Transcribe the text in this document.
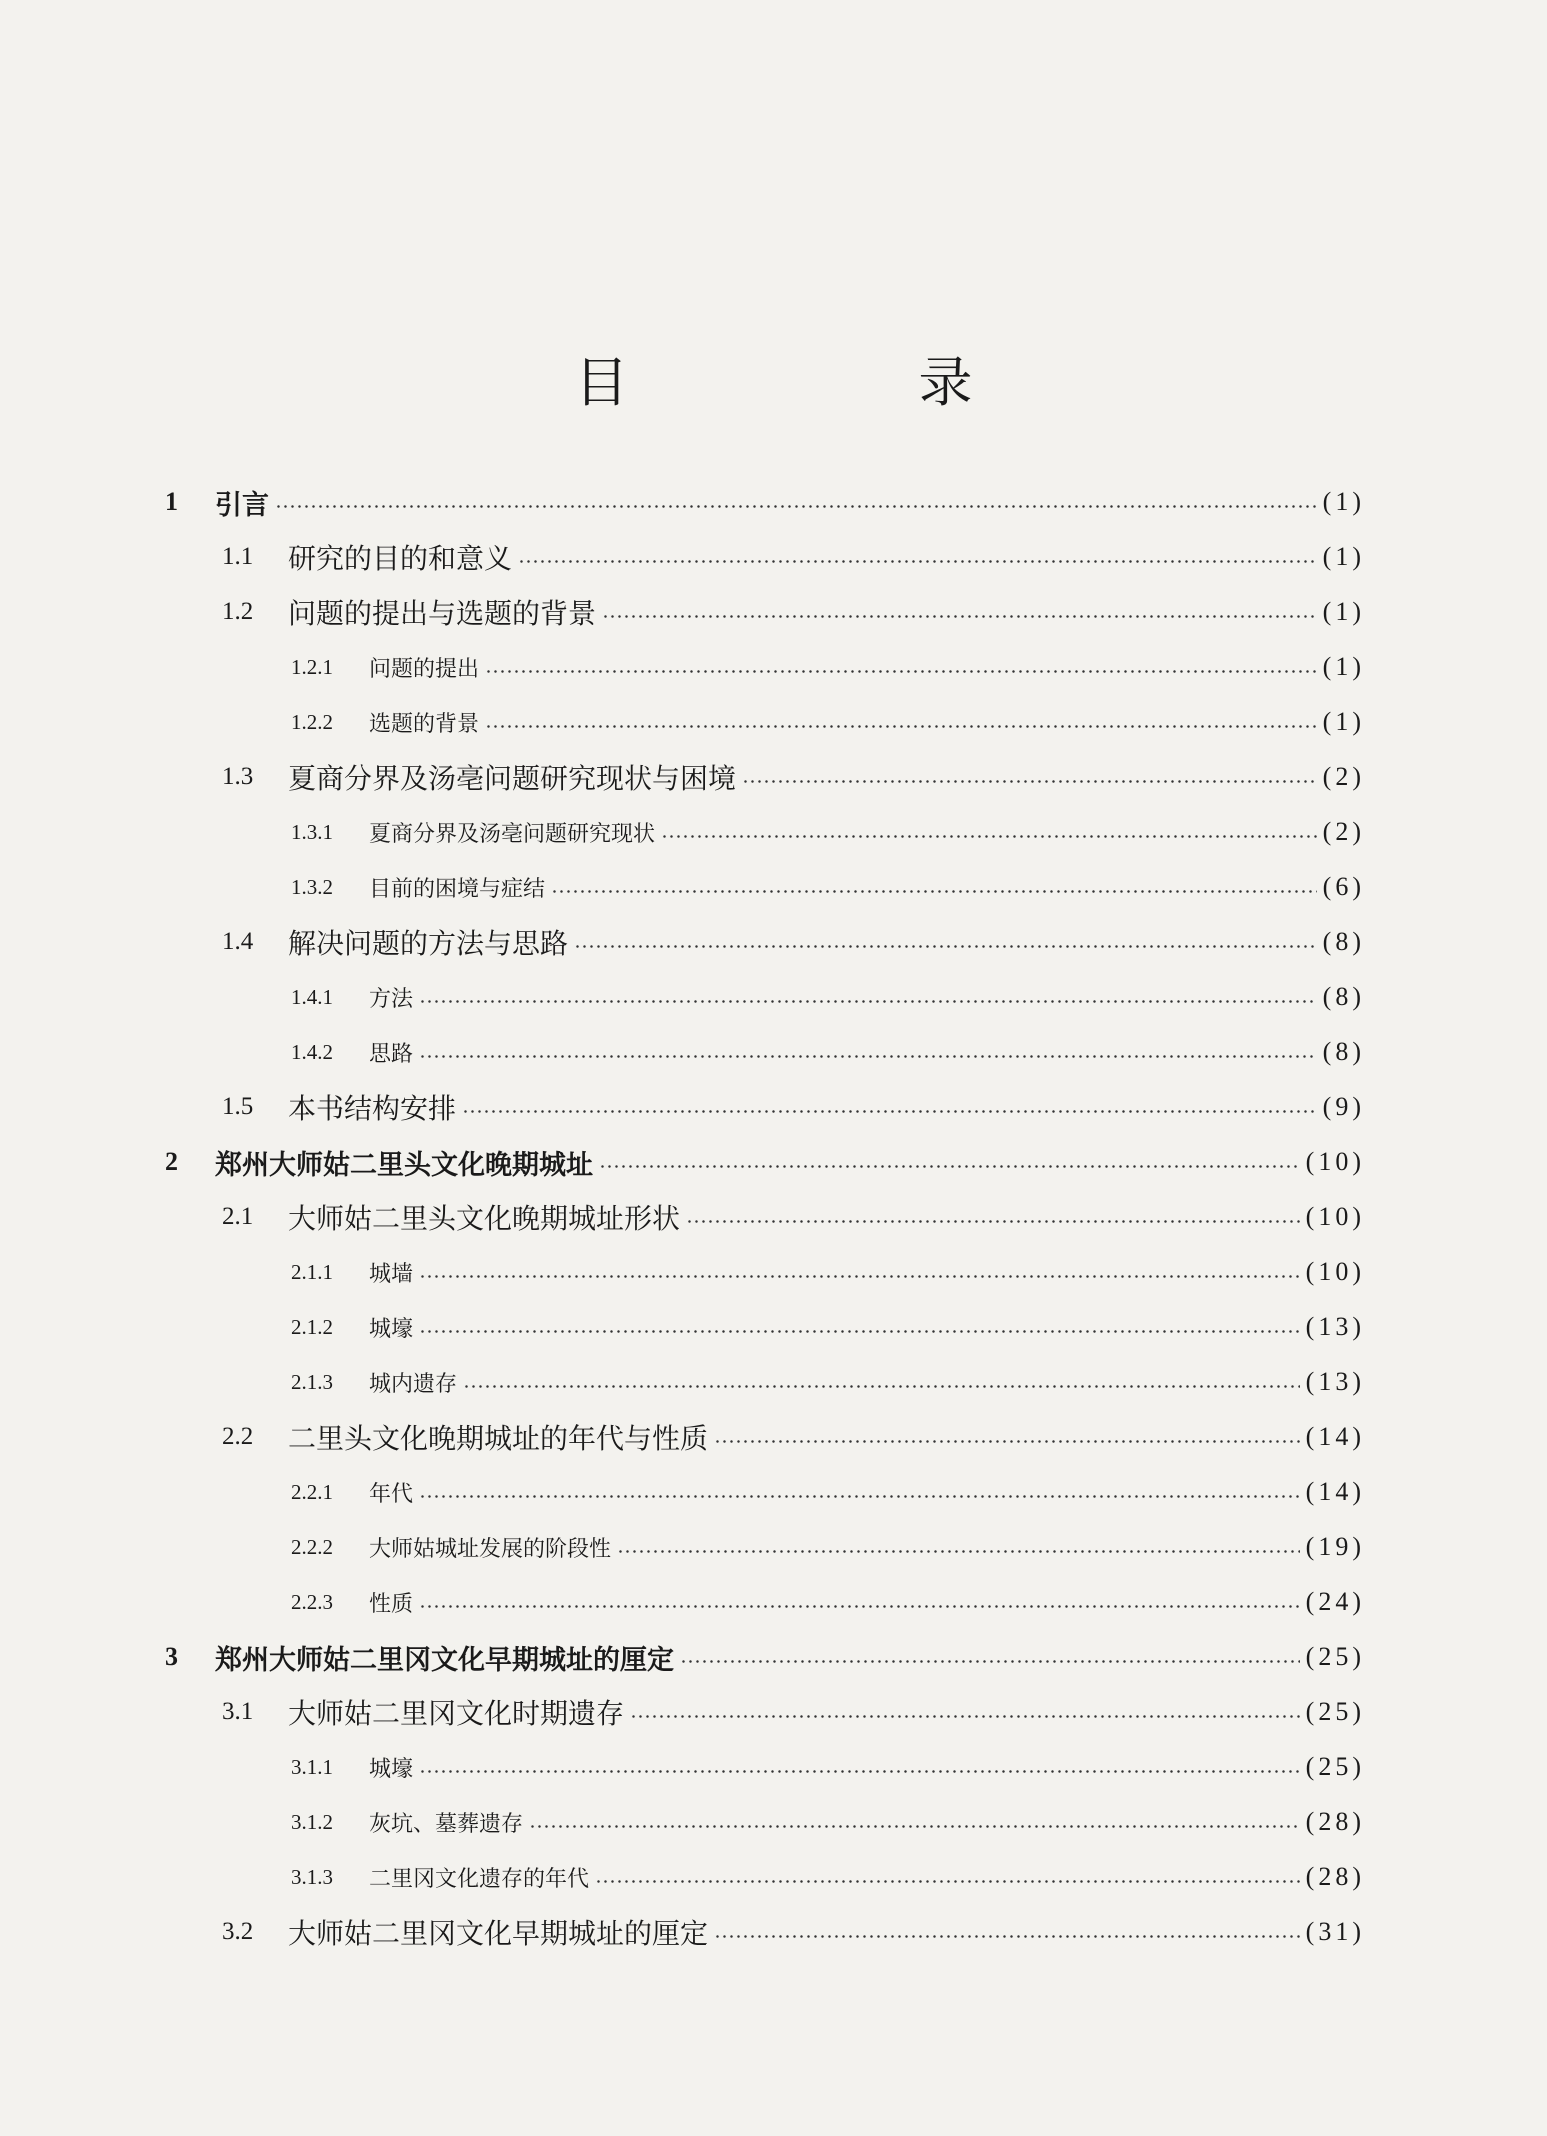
目　录
1	引言	(1)
1.1	研究的目的和意义	(1)
1.2	问题的提出与选题的背景	(1)
1.2.1	问题的提出	(1)
1.2.2	选题的背景	(1)
1.3	夏商分界及汤亳问题研究现状与困境	(2)
1.3.1	夏商分界及汤亳问题研究现状	(2)
1.3.2	目前的困境与症结	(6)
1.4	解决问题的方法与思路	(8)
1.4.1	方法	(8)
1.4.2	思路	(8)
1.5	本书结构安排	(9)
2	郑州大师姑二里头文化晚期城址	(10)
2.1	大师姑二里头文化晚期城址形状	(10)
2.1.1	城墙	(10)
2.1.2	城壕	(13)
2.1.3	城内遗存	(13)
2.2	二里头文化晚期城址的年代与性质	(14)
2.2.1	年代	(14)
2.2.2	大师姑城址发展的阶段性	(19)
2.2.3	性质	(24)
3	郑州大师姑二里冈文化早期城址的厘定	(25)
3.1	大师姑二里冈文化时期遗存	(25)
3.1.1	城壕	(25)
3.1.2	灰坑、墓葬遗存	(28)
3.1.3	二里冈文化遗存的年代	(28)
3.2	大师姑二里冈文化早期城址的厘定	(31)
